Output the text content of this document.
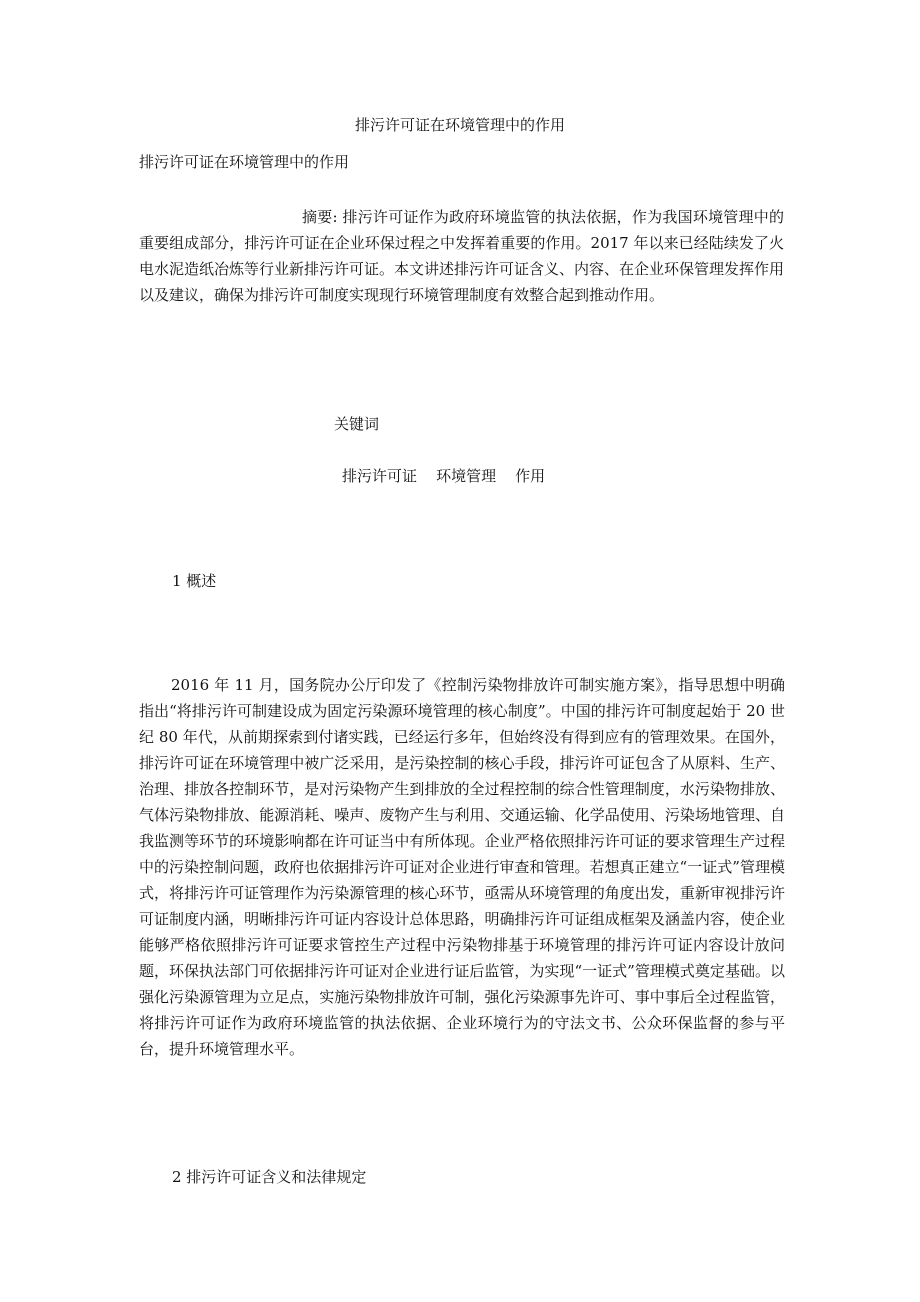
排污许可证在环境管理中的作用
排污许可证在环境管理中的作用

摘要: 排污许可证作为政府环境监管的执法依据，作为我国环境管理中的重要组成部分，排污许可证在企业环保过程之中发挥着重要的作用。2017 年以来已经陆续发了火电水泥造纸冶炼等行业新排污许可证。本文讲述排污许可证含义、内容、在企业环保管理发挥作用以及建议，确保为排污许可制度实现现行环境管理制度有效整合起到推动作用。

关键词
排污许可证    环境管理    作用
1 概述

2016 年 11 月，国务院办公厅印发了《控制污染物排放许可制实施方案》，指导思想中明确指出“将排污许可制建设成为固定污染源环境管理的核心制度”。中国的排污许可制度起始于 20 世纪 80 年代，从前期探索到付诸实践，已经运行多年，但始终没有得到应有的管理效果。在国外，排污许可证在环境管理中被广泛采用，是污染控制的核心手段，排污许可证包含了从原料、生产、治理、排放各控制环节，是对污染物产生到排放的全过程控制的综合性管理制度，水污染物排放、气体污染物排放、能源消耗、噪声、废物产生与利用、交通运输、化学品使用、污染场地管理、自我监测等环节的环境影响都在许可证当中有所体现。企业严格依照排污许可证的要求管理生产过程中的污染控制问题，政府也依据排污许可证对企业进行审查和管理。若想真正建立“一证式”管理模式，将排污许可证管理作为污染源管理的核心环节，亟需从环境管理的角度出发，重新审视排污许可证制度内涵，明晰排污许可证内容设计总体思路，明确排污许可证组成框架及涵盖内容，使企业能够严格依照排污许可证要求管控生产过程中污染物排基于环境管理的排污许可证内容设计放问题，环保执法部门可依据排污许可证对企业进行证后监管，为实现“一证式”管理模式奠定基础。以强化污染源管理为立足点，实施污染物排放许可制，强化污染源事先许可、事中事后全过程监管，将排污许可证作为政府环境监管的执法依据、企业环境行为的守法文书、公众环保监督的参与平台，提升环境管理水平。

2 排污许可证含义和法律规定
